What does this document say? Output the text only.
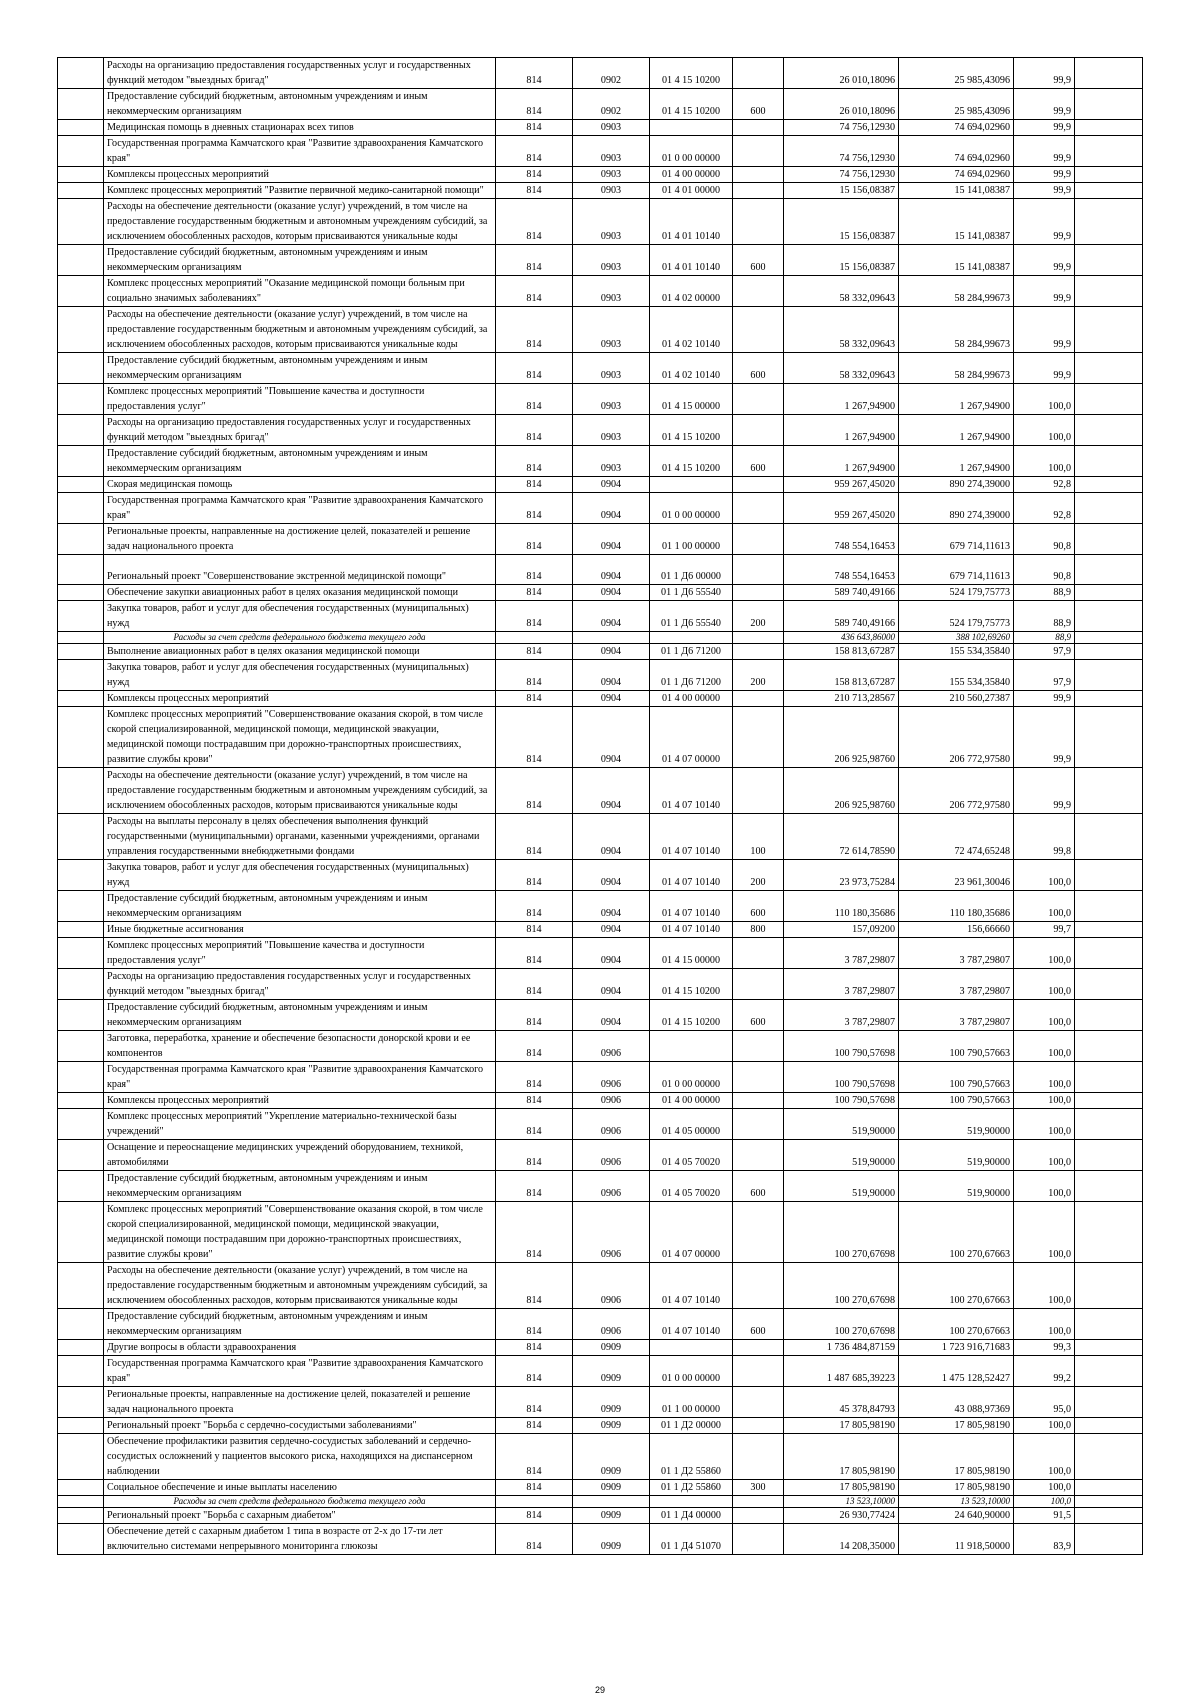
	Расходы на организацию предоставления государственных услуг и государственных функций методом "выездных бригад"	814	0902	01 4 15 10200		26 010,18096	25 985,43096	99,9	
	Предоставление субсидий бюджетным, автономным учреждениям и иным некоммерческим организациям	814	0902	01 4 15 10200	600	26 010,18096	25 985,43096	99,9	
	Медицинская помощь в дневных стационарах всех типов	814	0903			74 756,12930	74 694,02960	99,9	
	Государственная программа Камчатского края "Развитие здравоохранения Камчатского края"	814	0903	01 0 00 00000		74 756,12930	74 694,02960	99,9	
	Комплексы процессных мероприятий	814	0903	01 4 00 00000		74 756,12930	74 694,02960	99,9	
	Комплекс процессных мероприятий "Развитие первичной медико-санитарной помощи"	814	0903	01 4 01 00000		15 156,08387	15 141,08387	99,9	
	Расходы на обеспечение деятельности (оказание услуг) учреждений, в том числе на предоставление государственным бюджетным и автономным учреждениям субсидий, за исключением обособленных расходов, которым присваиваются уникальные коды	814	0903	01 4 01 10140		15 156,08387	15 141,08387	99,9	
	Предоставление субсидий бюджетным, автономным учреждениям и иным некоммерческим организациям	814	0903	01 4 01 10140	600	15 156,08387	15 141,08387	99,9	
	Комплекс процессных мероприятий "Оказание медицинской помощи больным при социально значимых заболеваниях"	814	0903	01 4 02 00000		58 332,09643	58 284,99673	99,9	
	Расходы на обеспечение деятельности (оказание услуг) учреждений, в том числе на предоставление государственным бюджетным и автономным учреждениям субсидий, за исключением обособленных расходов, которым присваиваются уникальные коды	814	0903	01 4 02 10140		58 332,09643	58 284,99673	99,9	
	Предоставление субсидий бюджетным, автономным учреждениям и иным некоммерческим организациям	814	0903	01 4 02 10140	600	58 332,09643	58 284,99673	99,9	
	Комплекс процессных мероприятий "Повышение качества и доступности предоставления услуг"	814	0903	01 4 15 00000		1 267,94900	1 267,94900	100,0	
	Расходы на организацию предоставления государственных услуг и государственных функций методом "выездных бригад"	814	0903	01 4 15 10200		1 267,94900	1 267,94900	100,0	
	Предоставление субсидий бюджетным, автономным учреждениям и иным некоммерческим организациям	814	0903	01 4 15 10200	600	1 267,94900	1 267,94900	100,0	
	Скорая медицинская помощь	814	0904			959 267,45020	890 274,39000	92,8	
	Государственная программа Камчатского края "Развитие здравоохранения Камчатского края"	814	0904	01 0 00 00000		959 267,45020	890 274,39000	92,8	
	Региональные проекты, направленные на достижение целей, показателей и решение задач национального проекта	814	0904	01 1 00 00000		748 554,16453	679 714,11613	90,8	
	Региональный проект "Совершенствование экстренной медицинской помощи"	814	0904	01 1 Д6 00000		748 554,16453	679 714,11613	90,8	
	Обеспечение закупки авиационных работ в целях оказания медицинской помощи	814	0904	01 1 Д6 55540		589 740,49166	524 179,75773	88,9	
	Закупка товаров, работ и услуг для обеспечения государственных (муниципальных) нужд	814	0904	01 1 Д6 55540	200	589 740,49166	524 179,75773	88,9	
	Расходы за счет средств федерального бюджета текущего года					436 643,86000	388 102,69260	88,9	
	Выполнение авиационных работ в целях оказания медицинской помощи	814	0904	01 1 Д6 71200		158 813,67287	155 534,35840	97,9	
	Закупка товаров, работ и услуг для обеспечения государственных (муниципальных) нужд	814	0904	01 1 Д6 71200	200	158 813,67287	155 534,35840	97,9	
	Комплексы процессных мероприятий	814	0904	01 4 00 00000		210 713,28567	210 560,27387	99,9	
	Комплекс процессных мероприятий "Совершенствование оказания скорой, в том числе скорой специализированной, медицинской помощи, медицинской эвакуации, медицинской помощи пострадавшим при дорожно-транспортных происшествиях, развитие службы крови"	814	0904	01 4 07 00000		206 925,98760	206 772,97580	99,9	
	Расходы на обеспечение деятельности (оказание услуг) учреждений, в том числе на предоставление государственным бюджетным и автономным учреждениям субсидий, за исключением обособленных расходов, которым присваиваются уникальные коды	814	0904	01 4 07 10140		206 925,98760	206 772,97580	99,9	
	Расходы на выплаты персоналу в целях обеспечения выполнения функций государственными (муниципальными) органами, казенными учреждениями, органами управления государственными внебюджетными фондами	814	0904	01 4 07 10140	100	72 614,78590	72 474,65248	99,8	
	Закупка товаров, работ и услуг для обеспечения государственных (муниципальных) нужд	814	0904	01 4 07 10140	200	23 973,75284	23 961,30046	100,0	
	Предоставление субсидий бюджетным, автономным учреждениям и иным некоммерческим организациям	814	0904	01 4 07 10140	600	110 180,35686	110 180,35686	100,0	
	Иные бюджетные ассигнования	814	0904	01 4 07 10140	800	157,09200	156,66660	99,7	
	Комплекс процессных мероприятий "Повышение качества и доступности предоставления услуг"	814	0904	01 4 15 00000		3 787,29807	3 787,29807	100,0	
	Расходы на организацию предоставления государственных услуг и государственных функций методом "выездных бригад"	814	0904	01 4 15 10200		3 787,29807	3 787,29807	100,0	
	Предоставление субсидий бюджетным, автономным учреждениям и иным некоммерческим организациям	814	0904	01 4 15 10200	600	3 787,29807	3 787,29807	100,0	
	Заготовка, переработка, хранение и обеспечение безопасности донорской крови и ее компонентов	814	0906			100 790,57698	100 790,57663	100,0	
	Государственная программа Камчатского края "Развитие здравоохранения Камчатского края"	814	0906	01 0 00 00000		100 790,57698	100 790,57663	100,0	
	Комплексы процессных мероприятий	814	0906	01 4 00 00000		100 790,57698	100 790,57663	100,0	
	Комплекс процессных мероприятий "Укрепление материально-технической базы учреждений"	814	0906	01 4 05 00000		519,90000	519,90000	100,0	
	Оснащение и переоснащение медицинских учреждений оборудованием, техникой, автомобилями	814	0906	01 4 05 70020		519,90000	519,90000	100,0	
	Предоставление субсидий бюджетным, автономным учреждениям и иным некоммерческим организациям	814	0906	01 4 05 70020	600	519,90000	519,90000	100,0	
	Комплекс процессных мероприятий "Совершенствование оказания скорой, в том числе скорой специализированной, медицинской помощи, медицинской эвакуации, медицинской помощи пострадавшим при дорожно-транспортных происшествиях, развитие службы крови"	814	0906	01 4 07 00000		100 270,67698	100 270,67663	100,0	
	Расходы на обеспечение деятельности (оказание услуг) учреждений, в том числе на предоставление государственным бюджетным и автономным учреждениям субсидий, за исключением обособленных расходов, которым присваиваются уникальные коды	814	0906	01 4 07 10140		100 270,67698	100 270,67663	100,0	
	Предоставление субсидий бюджетным, автономным учреждениям и иным некоммерческим организациям	814	0906	01 4 07 10140	600	100 270,67698	100 270,67663	100,0	
	Другие вопросы в области здравоохранения	814	0909			1 736 484,87159	1 723 916,71683	99,3	
	Государственная программа Камчатского края "Развитие здравоохранения Камчатского края"	814	0909	01 0 00 00000		1 487 685,39223	1 475 128,52427	99,2	
	Региональные проекты, направленные на достижение целей, показателей и решение задач национального проекта	814	0909	01 1 00 00000		45 378,84793	43 088,97369	95,0	
	Региональный проект "Борьба с сердечно-сосудистыми заболеваниями"	814	0909	01 1 Д2 00000		17 805,98190	17 805,98190	100,0	
	Обеспечение профилактики развития сердечно-сосудистых заболеваний и сердечно-сосудистых осложнений у пациентов высокого риска, находящихся на диспансерном наблюдении	814	0909	01 1 Д2 55860		17 805,98190	17 805,98190	100,0	
	Социальное обеспечение и иные выплаты населению	814	0909	01 1 Д2 55860	300	17 805,98190	17 805,98190	100,0	
	Расходы за счет средств федерального бюджета текущего года					13 523,10000	13 523,10000	100,0	
	Региональный проект "Борьба с сахарным диабетом"	814	0909	01 1 Д4 00000		26 930,77424	24 640,90000	91,5	
	Обеспечение детей с сахарным диабетом 1 типа в возрасте от 2-х до 17-ти лет включительно системами непрерывного мониторинга глюкозы	814	0909	01 1 Д4 51070		14 208,35000	11 918,50000	83,9	
29
